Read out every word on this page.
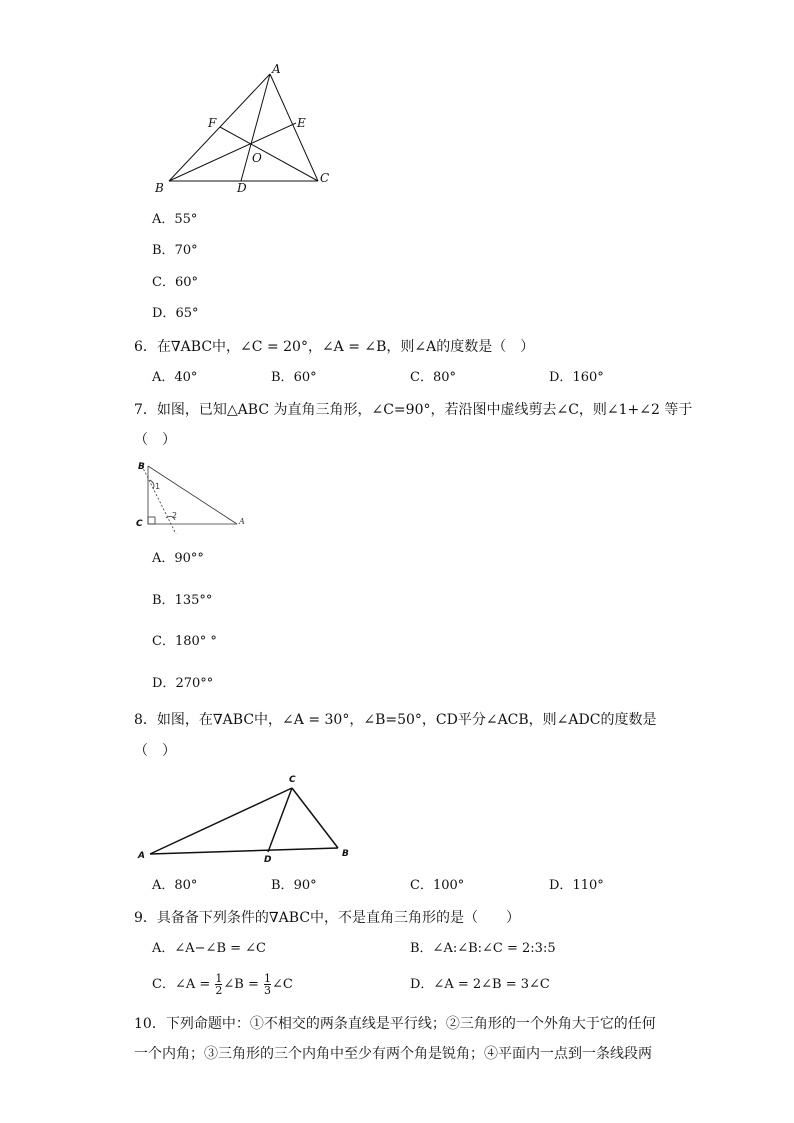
A
F	E
O
B	D
C
A．55°
B．70°
C．60°
D．65°
6．在∇ABC中，∠C = 20°，∠A = ∠B，则∠A的度数是（　）
A．40°	B．60°	C．80°	D．160°
7．如图，已知△ABC 为直角三角形，∠C=90°，若沿图中虚线剪去∠C，则∠1+∠2 等于
（　）
B
C	A
1
2
A．90°°
B．135°°
C．180° °
D．270°°
8．如图，在∇ABC中，∠A = 30°，∠B=50°，CD平分∠ACB，则∠ADC的度数是
（　）
C
A	D
B
A．80°	B．90°	C．100°	D．110°
9．具备备下列条件的∇ABC中，不是直角三角形的是（　　）
A．∠A−∠B = ∠C	B．∠A:∠B:∠C = 2:3:5
C．∠A = $\frac{1}{2}$ ∠B = $\frac{1}{3}$ ∠C	D．∠A = 2∠B = 3∠C
10．下列命题中：①不相交的两条直线是平行线；②三角形的一个外角大于它的任何
一个内角；③三角形的三个内角中至少有两个角是锐角；④平面内一点到一条线段两
